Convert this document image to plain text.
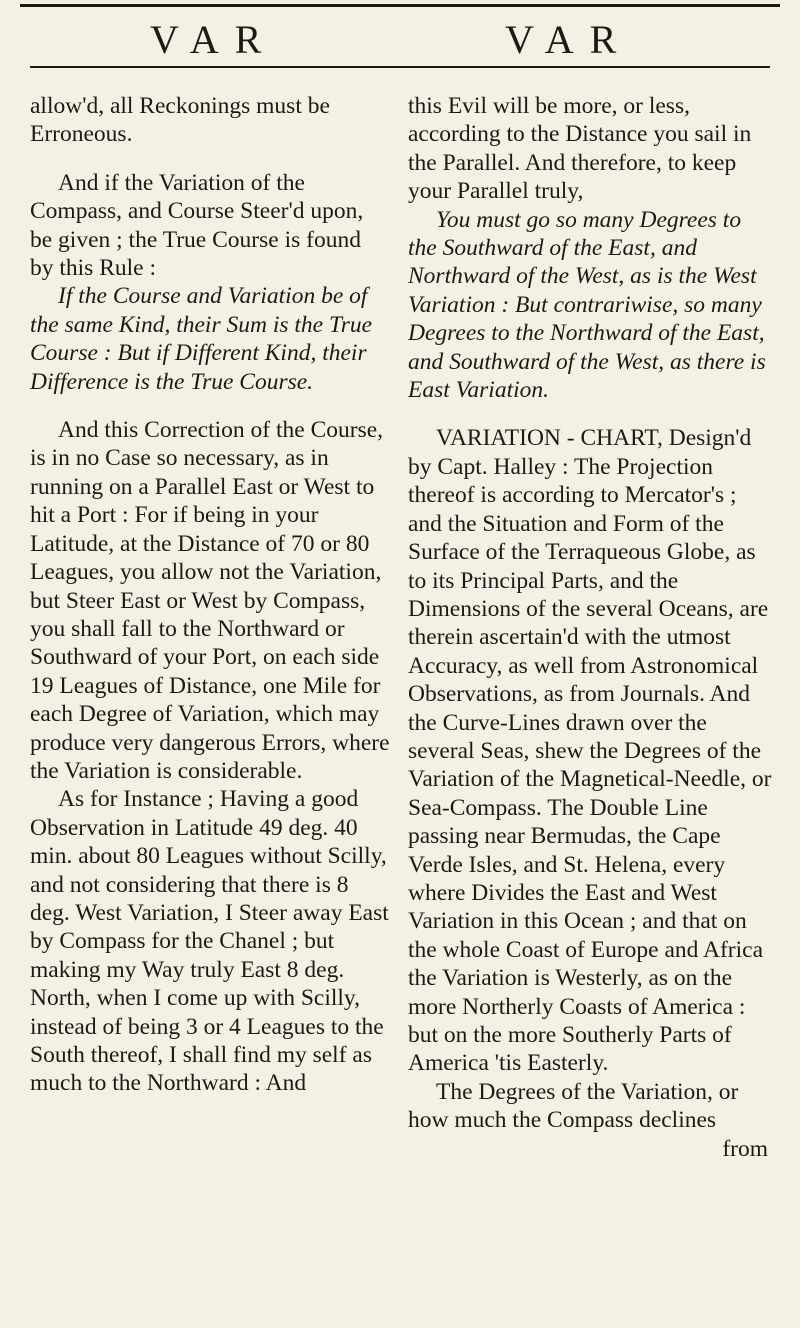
VAR	VAR

allow'd, all Reckonings must be Erroneous.

And if the Variation of the Compass, and Course Steer'd upon, be given ; the True Course is found by this Rule :

If the Course and Variation be of the same Kind, their Sum is the True Course : But if Different Kind, their Difference is the True Course.

And this Correction of the Course, is in no Case so necessary, as in running on a Parallel East or West to hit a Port : For if being in your Latitude, at the Distance of 70 or 80 Leagues, you allow not the Variation, but Steer East or West by Compass, you shall fall to the Northward or Southward of your Port, on each side 19 Leagues of Distance, one Mile for each Degree of Variation, which may produce very dangerous Errors, where the Variation is considerable.

As for Instance ; Having a good Observation in Latitude 49 deg. 40 min. about 80 Leagues without Scilly, and not considering that there is 8 deg. West Variation, I Steer away East by Compass for the Chanel ; but making my Way truly East 8 deg. North, when I come up with Scilly, instead of being 3 or 4 Leagues to the South thereof, I shall find my self as much to the Northward : And

this Evil will be more, or less, according to the Distance you sail in the Parallel. And therefore, to keep your Parallel truly,

You must go so many Degrees to the Southward of the East, and Northward of the West, as is the West Variation : But contrariwise, so many Degrees to the Northward of the East, and Southward of the West, as there is East Variation.

VARIATION - CHART, Design'd by Capt. Halley : The Projection thereof is according to Mercator's ; and the Situation and Form of the Surface of the Terraqueous Globe, as to its Principal Parts, and the Dimensions of the several Oceans, are therein ascertain'd with the utmost Accuracy, as well from Astronomical Observations, as from Journals. And the Curve-Lines drawn over the several Seas, shew the Degrees of the Variation of the Magnetical-Needle, or Sea-Compass. The Double Line passing near Bermudas, the Cape Verde Isles, and St. Helena, every where Divides the East and West Variation in this Ocean ; and that on the whole Coast of Europe and Africa the Variation is Westerly, as on the more Northerly Coasts of America : but on the more Southerly Parts of America 'tis Easterly.

The Degrees of the Variation, or how much the Compass declines

from
